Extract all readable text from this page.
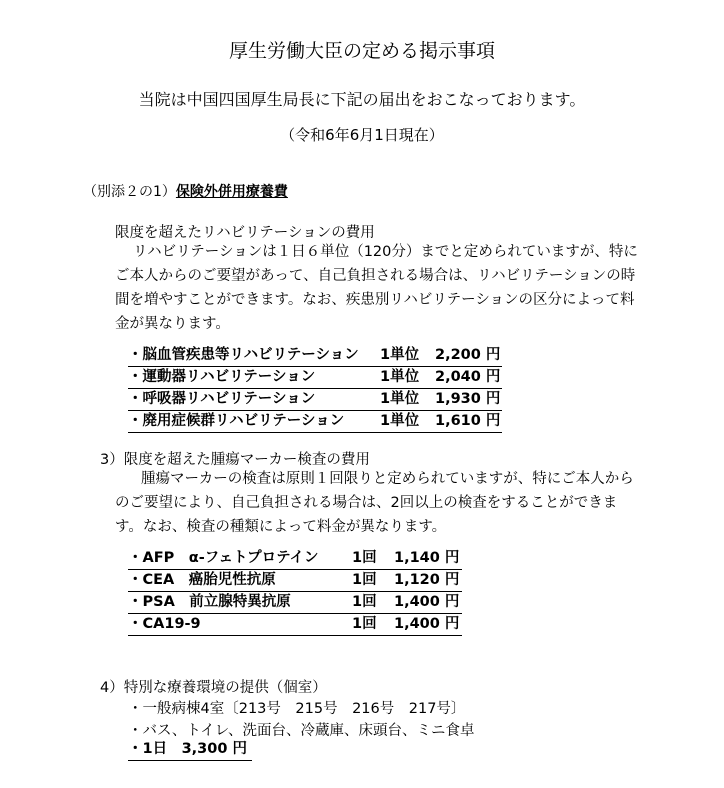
厚生労働大臣の定める掲示事項
当院は中国四国厚生局長に下記の届出をおこなっております。
（令和6年6月1日現在）
（別添２の1）保険外併用療養費
限度を超えたリハビリテーションの費用
リハビリテーションは１日６単位（120分）までと定められていますが、特に
ご本人からのご要望があって、自己負担される場合は、リハビリテーションの時
間を増やすことができます。なお、疾患別リハビリテーションの区分によって料
金が異なります。
・脳血管疾患等リハビリテーション 1単位 2,200 円
・運動器リハビリテーション	1単位 2,040 円
・呼吸器リハビリテーション	1単位 1,930 円
・廃用症候群リハビリテーション 1単位 1,610 円
3）限度を超えた腫瘍マーカー検査の費用
腫瘍マーカーの検査は原則１回限りと定められていますが、特にご本人から
のご要望により、自己負担される場合は、2回以上の検査をすることができま
す。なお、検査の種類によって料金が異なります。
・AFP　α-フェトプロテイン 1回 1,140 円
・CEA　癌胎児性抗原	1回 1,120 円
・PSA　前立腺特異抗原	1回 1,400 円
・CA19-9	1回 1,400 円
4）特別な療養環境の提供（個室）
・一般病棟4室〔213号　215号　216号　217号〕
・バス、トイレ、洗面台、冷蔵庫、床頭台、ミニ食卓
・1日　3,300 円
